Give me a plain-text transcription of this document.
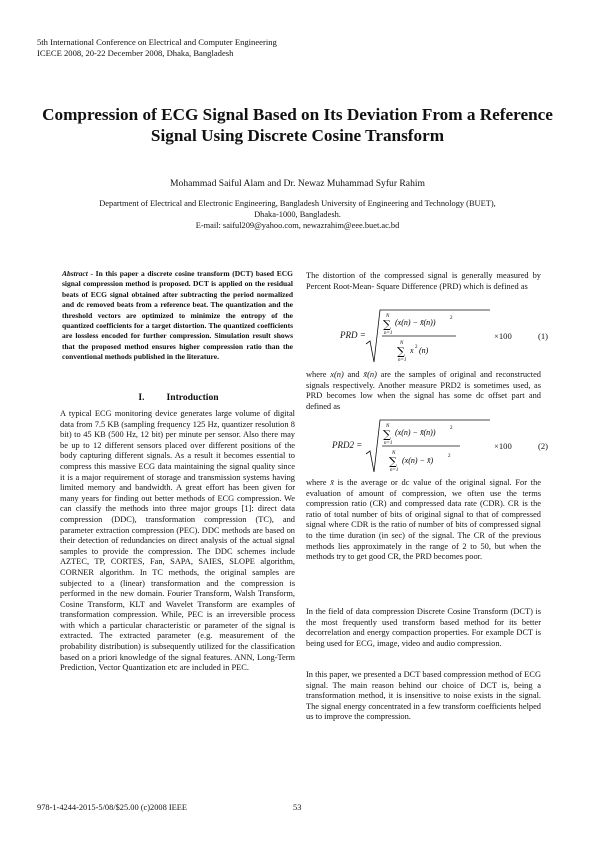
5th International Conference on Electrical and Computer Engineering
ICECE 2008, 20-22 December 2008, Dhaka, Bangladesh
Compression of ECG Signal Based on Its Deviation From a Reference Signal Using Discrete Cosine Transform
Mohammad Saiful Alam and Dr. Newaz Muhammad Syfur Rahim
Department of Electrical and Electronic Engineering, Bangladesh University of Engineering and Technology (BUET),
Dhaka-1000, Bangladesh.
E-mail: saiful209@yahoo.com, newazrahim@eee.buet.ac.bd

Abstract - In this paper a discrete cosine transform (DCT) based ECG signal compression method is proposed. DCT is applied on the residual beats of ECG signal obtained after subtracting the period normalized and dc removed beats from a reference beat. The quantization and the threshold vectors are optimized to minimize the entropy of the quantized coefficients for a target distortion. The quantized coefficients are lossless encoded for further compression. Simulation result shows that the proposed method ensures higher compression ratio than the conventional methods published in the literature.

I. Introduction

A typical ECG monitoring device generates large volume of digital data from 7.5 KB (sampling frequency 125 Hz, quantizer resolution 8 bit) to 45 KB (500 Hz, 12 bit) per minute per sensor. Also there may be up to 12 different sensors placed over different positions of the body capturing different signals. As a result it becomes essential to compress this massive ECG data maintaining the signal quality since it is a major requirement of storage and transmission systems having limited memory and bandwidth. A great effort has been given for many years for finding out better methods of ECG compression. We can classify the methods into three major groups [1]: direct data compression (DDC), transformation compression (TC), and parameter extraction compression (PEC). DDC methods are based on their detection of redundancies on direct analysis of the actual signal samples to provide the compression. The DDC schemes include AZTEC, TP, CORTES, Fan, SAPA, SAIES, SLOPE algorithm, CORNER algorithm. In TC methods, the original samples are subjected to a (linear) transformation and the compression is performed in the new domain. Fourier Transform, Walsh Transform, Cosine Transform, KLT and Wavelet Transform are examples of transformation compression. While, PEC is an irreversible process with which a particular characteristic or parameter of the signal is extracted. The extracted parameter (e.g. measurement of the probability distribution) is subsequently utilized for the classification based on a priori knowledge of the signal features. ANN, Long-Term Prediction, Vector Quantization etc are included in PEC.

The distortion of the compressed signal is generally measured by Percent Root-Mean- Square Difference (PRD) which is defined as

PRD =
N
∑
n=1
(x(n) − x̃(n))	2
N
∑
n=1
x 2 (n)
×100	(1)

where x(n) and x̃(n) are the samples of original and reconstructed signals respectively. Another measure PRD2 is sometimes used, as PRD becomes low when the signal has some dc offset part and defined as

PRD2 =
N
∑
n=1
(x(n) − x̃(n))	2
N
∑
n=1
(x(n) − x̄)	2
×100	(2)

where x̄ is the average or dc value of the original signal. For the evaluation of amount of compression, we often use the terms compression ratio (CR) and compressed data rate (CDR). CR is the ratio of total number of bits of original signal to that of compressed signal where CDR is the ratio of number of bits of compressed signal to the time duration (in sec) of the signal. The CR of the previous methods lies approximately in the range of 2 to 50, but when the methods try to get good CR, the PRD becomes poor.

In the field of data compression Discrete Cosine Transform (DCT) is the most frequently used transform based method for its better decorrelation and energy compaction properties. For example DCT is being used for ECG, image, video and audio compression.

In this paper, we presented a DCT based compression method of ECG signal. The main reason behind our choice of DCT is, being a transformation method, it is insensitive to noise exists in the signal. The signal energy concentrated in a few transform coefficients helped us to improve the compression.

978-1-4244-2015-5/08/$25.00 (c)2008 IEEE	53
